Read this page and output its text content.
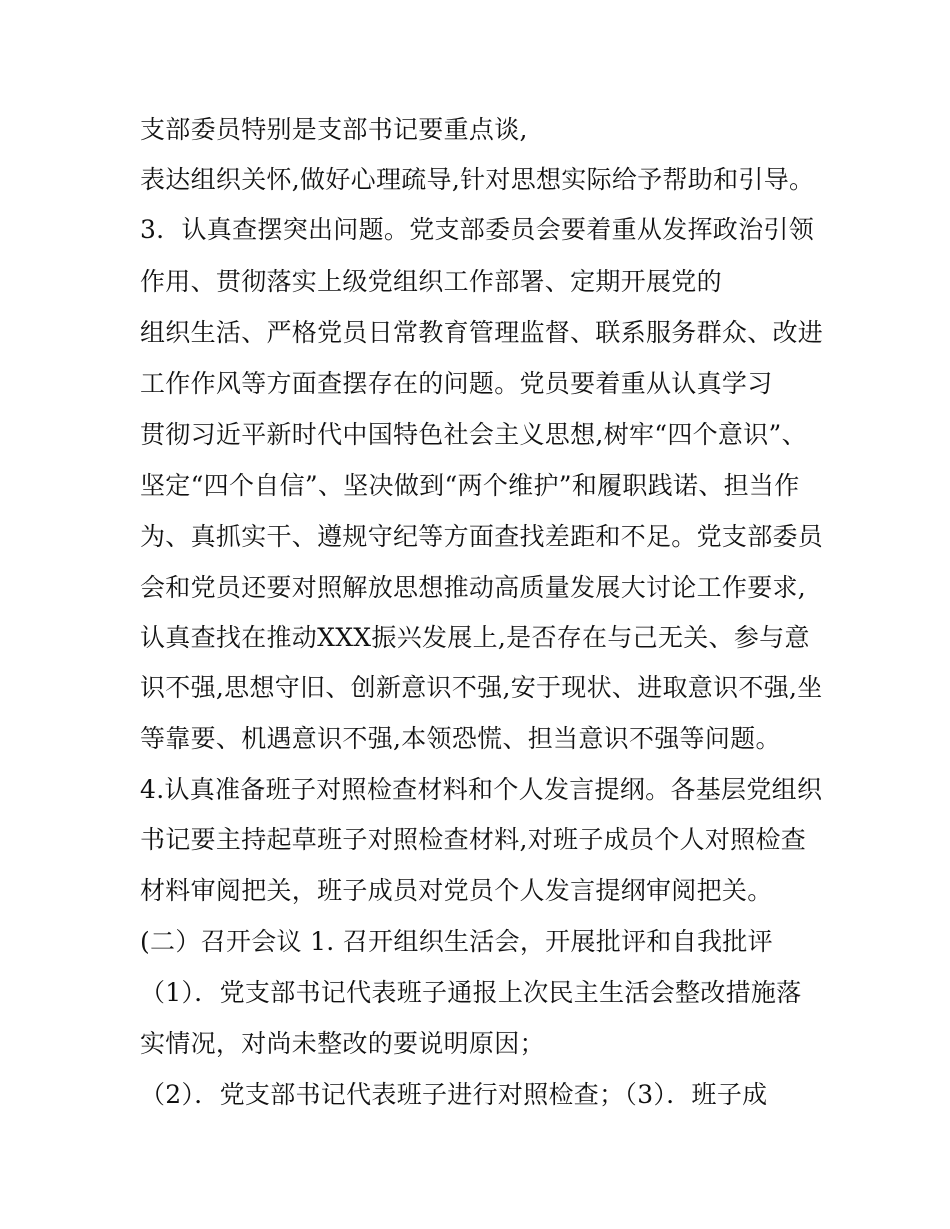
支部委员特别是支部书记要重点谈,
表达组织关怀,做好心理疏导,针对思想实际给予帮助和引导。
3．认真查摆突出问题。党支部委员会要着重从发挥政治引领
作用、贯彻落实上级党组织工作部署、定期开展党的
组织生活、严格党员日常教育管理监督、联系服务群众、改进
工作作风等方面查摆存在的问题。党员要着重从认真学习
贯彻习近平新时代中国特色社会主义思想,树牢“四个意识”、
坚定“四个自信”、坚决做到“两个维护”和履职践诺、担当作
为、真抓实干、遵规守纪等方面查找差距和不足。党支部委员
会和党员还要对照解放思想推动高质量发展大讨论工作要求,
认真查找在推动XXX振兴发展上,是否存在与己无关、参与意
识不强,思想守旧、创新意识不强,安于现状、进取意识不强,坐
等靠要、机遇意识不强,本领恐慌、担当意识不强等问题。
4.认真准备班子对照检查材料和个人发言提纲。各基层党组织
书记要主持起草班子对照检查材料,对班子成员个人对照检查
材料审阅把关，班子成员对党员个人发言提纲审阅把关。
(二）召开会议 1. 召开组织生活会，开展批评和自我批评
（1）．党支部书记代表班子通报上次民主生活会整改措施落
实情况，对尚未整改的要说明原因；
（2）．党支部书记代表班子进行对照检查；（3）．班子成
